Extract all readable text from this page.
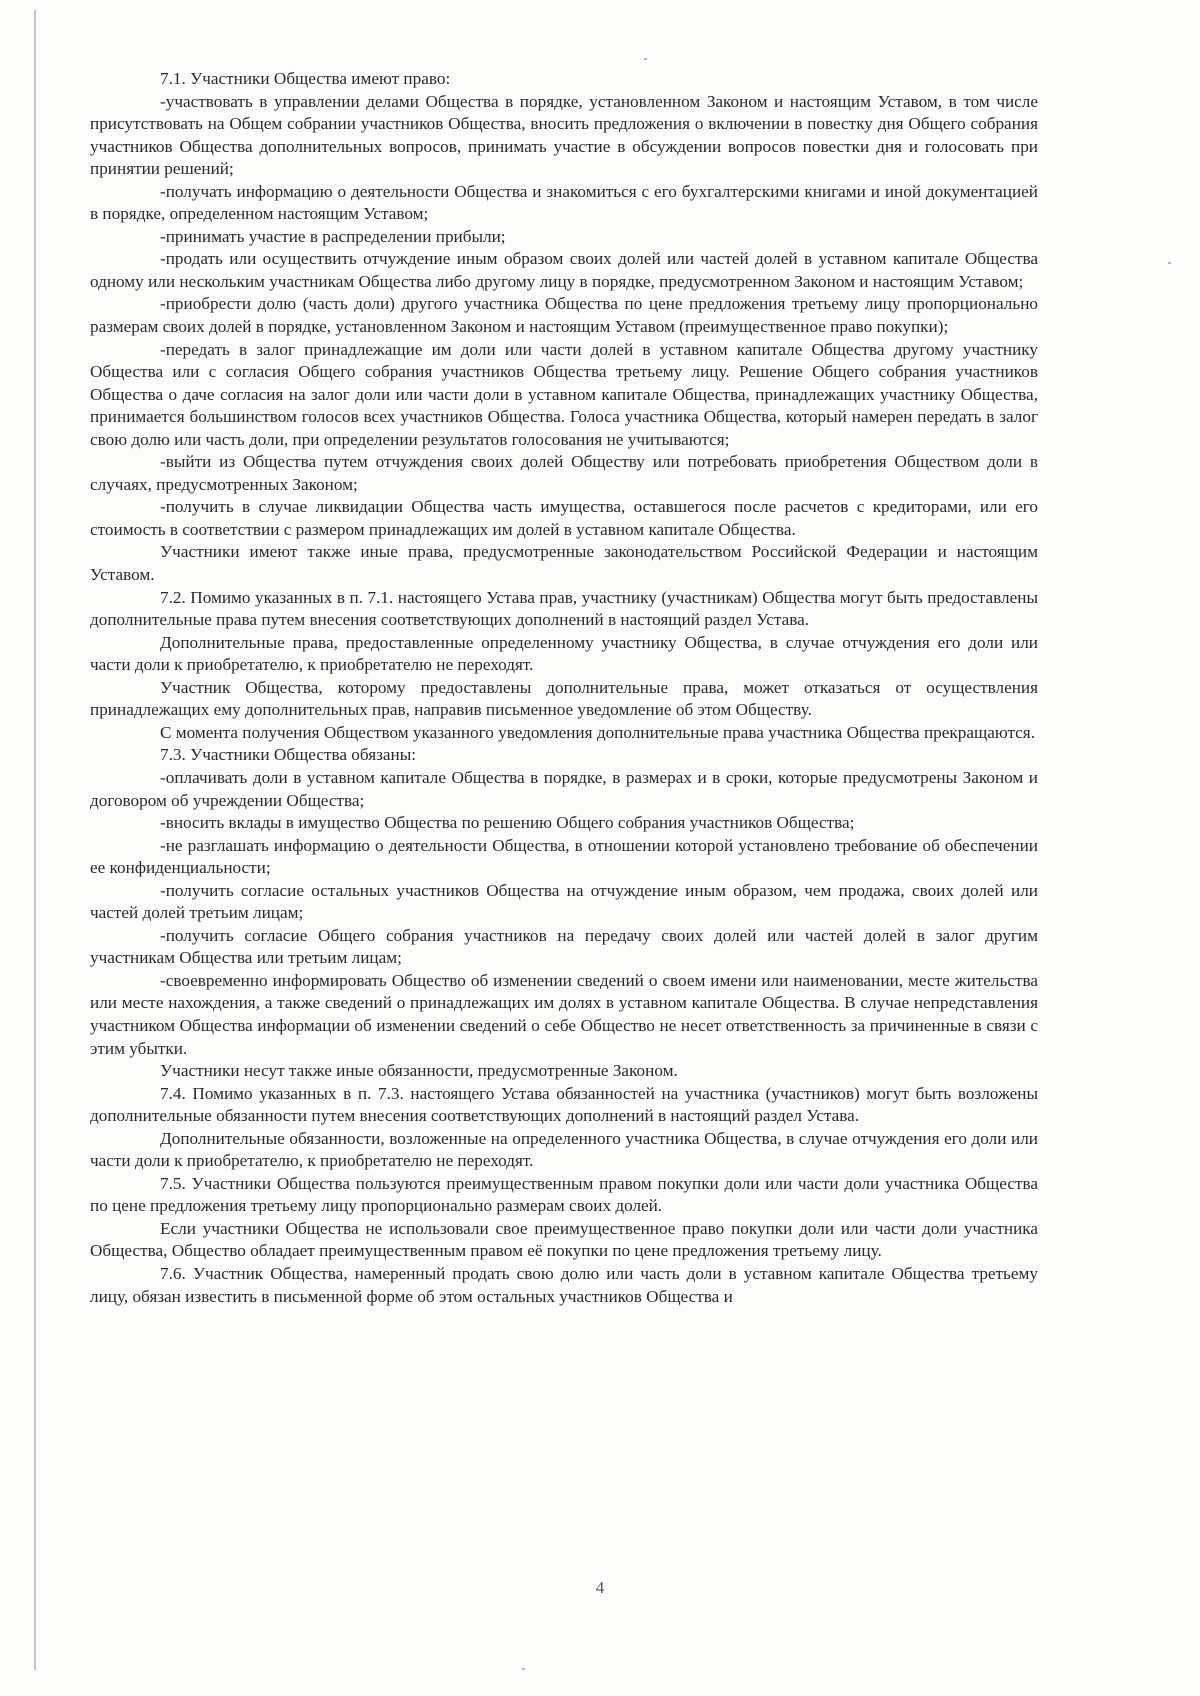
7.1. Участники Общества имеют право:

-участвовать в управлении делами Общества в порядке, установленном Законом и настоящим Уставом, в том числе присутствовать на Общем собрании участников Общества, вносить предложения о включении в повестку дня Общего собрания участников Общества дополнительных вопросов, принимать участие в обсуждении вопросов повестки дня и голосовать при принятии решений;

-получать информацию о деятельности Общества и знакомиться с его бухгалтерскими книгами и иной документацией в порядке, определенном настоящим Уставом;

-принимать участие в распределении прибыли;

-продать или осуществить отчуждение иным образом своих долей или частей долей в уставном капитале Общества одному или нескольким участникам Общества либо другому лицу в порядке, предусмотренном Законом и настоящим Уставом;

-приобрести долю (часть доли) другого участника Общества по цене предложения третьему лицу пропорционально размерам своих долей в порядке, установленном Законом и настоящим Уставом (преимущественное право покупки);

-передать в залог принадлежащие им доли или части долей в уставном капитале Общества другому участнику Общества или с согласия Общего собрания участников Общества третьему лицу. Решение Общего собрания участников Общества о даче согласия на залог доли или части доли в уставном капитале Общества, принадлежащих участнику Общества, принимается большинством голосов всех участников Общества. Голоса участника Общества, который намерен передать в залог свою долю или часть доли, при определении результатов голосования не учитываются;

-выйти из Общества путем отчуждения своих долей Обществу или потребовать приобретения Обществом доли в случаях, предусмотренных Законом;

-получить в случае ликвидации Общества часть имущества, оставшегося после расчетов с кредиторами, или его стоимость в соответствии с размером принадлежащих им долей в уставном капитале Общества.

Участники имеют также иные права, предусмотренные законодательством Российской Федерации и настоящим Уставом.

7.2. Помимо указанных в п. 7.1. настоящего Устава прав, участнику (участникам) Общества могут быть предоставлены дополнительные права путем внесения соответствующих дополнений в настоящий раздел Устава.

Дополнительные права, предоставленные определенному участнику Общества, в случае отчуждения его доли или части доли к приобретателю, к приобретателю не переходят.

Участник Общества, которому предоставлены дополнительные права, может отказаться от осуществления принадлежащих ему дополнительных прав, направив письменное уведомление об этом Обществу.

С момента получения Обществом указанного уведомления дополнительные права участника Общества прекращаются.

7.3. Участники Общества обязаны:

-оплачивать доли в уставном капитале Общества в порядке, в размерах и в сроки, которые предусмотрены Законом и договором об учреждении Общества;

-вносить вклады в имущество Общества по решению Общего собрания участников Общества;

-не разглашать информацию о деятельности Общества, в отношении которой установлено требование об обеспечении ее конфиденциальности;

-получить согласие остальных участников Общества на отчуждение иным образом, чем продажа, своих долей или частей долей третьим лицам;

-получить согласие Общего собрания участников на передачу своих долей или частей долей в залог другим участникам Общества или третьим лицам;

-своевременно информировать Общество об изменении сведений о своем имени или наименовании, месте жительства или месте нахождения, а также сведений о принадлежащих им долях в уставном капитале Общества. В случае непредставления участником Общества информации об изменении сведений о себе Общество не несет ответственность за причиненные в связи с этим убытки.

Участники несут также иные обязанности, предусмотренные Законом.

7.4. Помимо указанных в п. 7.3. настоящего Устава обязанностей на участника (участников) могут быть возложены дополнительные обязанности путем внесения соответствующих дополнений в настоящий раздел Устава.

Дополнительные обязанности, возложенные на определенного участника Общества, в случае отчуждения его доли или части доли к приобретателю, к приобретателю не переходят.

7.5. Участники Общества пользуются преимущественным правом покупки доли или части доли участника Общества по цене предложения третьему лицу пропорционально размерам своих долей.

Если участники Общества не использовали свое преимущественное право покупки доли или части доли участника Общества, Общество обладает преимущественным правом её покупки по цене предложения третьему лицу.

7.6. Участник Общества, намеренный продать свою долю или часть доли в уставном капитале Общества третьему лицу, обязан известить в письменной форме об этом остальных участников Общества и

4
